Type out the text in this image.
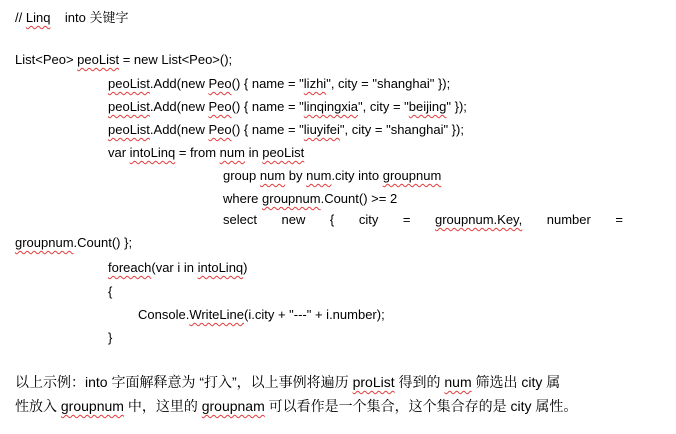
// Linq into 关键字
List<Peo> peoList = new List<Peo>();
peoList.Add(new Peo() { name = "lizhi", city = "shanghai" });
peoList.Add(new Peo() { name = "linqingxia", city = "beijing" });
peoList.Add(new Peo() { name = "liuyifei", city = "shanghai" });
var intoLinq = from num in peoList
group num by num.city into groupnum
where groupnum.Count() >= 2
select new { city = groupnum.Key, number =
groupnum.Count() };
foreach(var i in intoLinq)
{
Console.WriteLine(i.city + "---" + i.number);
}
以上示例：into 字面解释意为 “打入”，以上事例将遍历 proList 得到的 num 筛选出 city 属
性放入 groupnum 中，这里的 groupnam 可以看作是一个集合，这个集合存的是 city 属性。
